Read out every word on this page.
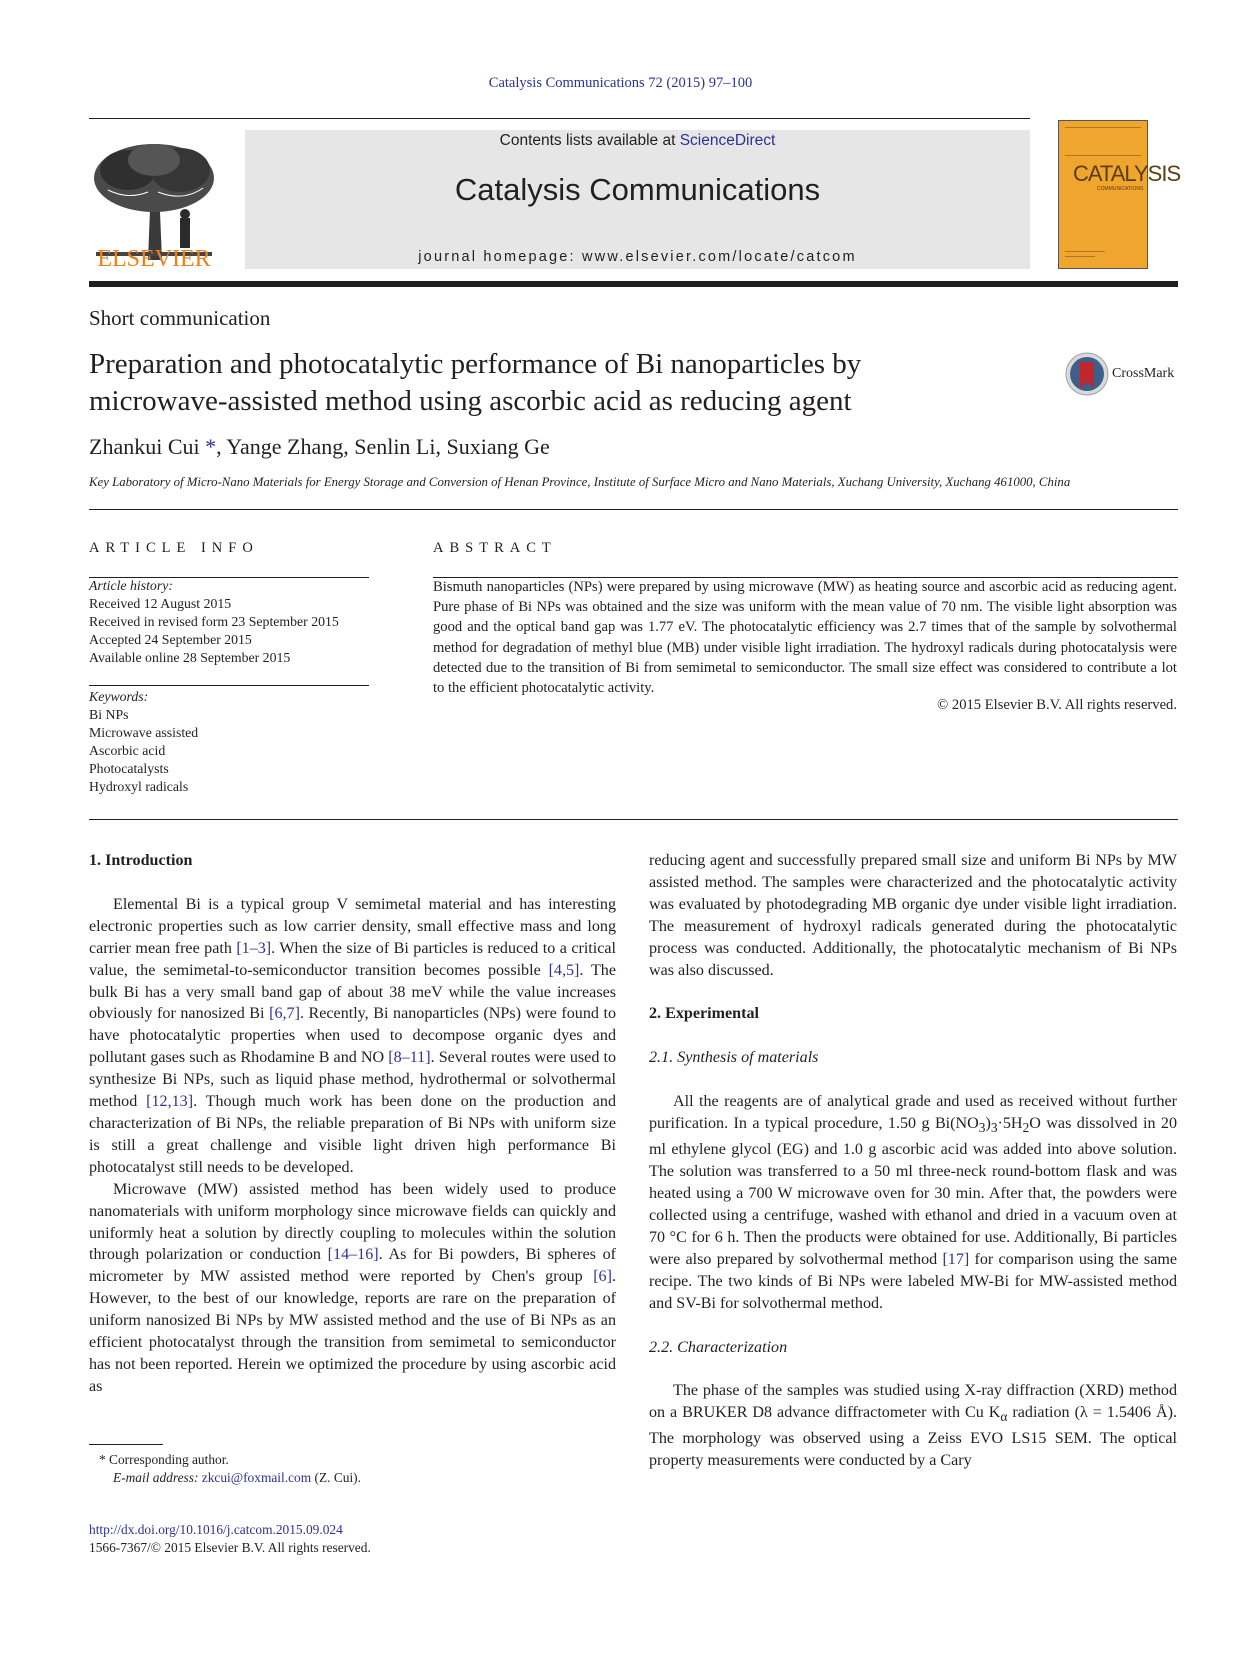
Catalysis Communications 72 (2015) 97–100
ELSEVIER
Contents lists available at ScienceDirect
Catalysis Communications
journal homepage: www.elsevier.com/locate/catcom
CATALYSIS
COMMUNICATIONS
Short communication
Preparation and photocatalytic performance of Bi nanoparticles by
microwave-assisted method using ascorbic acid as reducing agent
CrossMark
Zhankui Cui *, Yange Zhang, Senlin Li, Suxiang Ge
Key Laboratory of Micro-Nano Materials for Energy Storage and Conversion of Henan Province, Institute of Surface Micro and Nano Materials, Xuchang University, Xuchang 461000, China
ARTICLE INFO
Article history:
Received 12 August 2015
Received in revised form 23 September 2015
Accepted 24 September 2015
Available online 28 September 2015
Keywords:
Bi NPs
Microwave assisted
Ascorbic acid
Photocatalysts
Hydroxyl radicals
ABSTRACT
Bismuth nanoparticles (NPs) were prepared by using microwave (MW) as heating source and ascorbic acid as reducing agent. Pure phase of Bi NPs was obtained and the size was uniform with the mean value of 70 nm. The visible light absorption was good and the optical band gap was 1.77 eV. The photocatalytic efficiency was 2.7 times that of the sample by solvothermal method for degradation of methyl blue (MB) under visible light irradiation. The hydroxyl radicals during photocatalysis were detected due to the transition of Bi from semimetal to semiconductor. The small size effect was considered to contribute a lot to the efficient photocatalytic activity.
© 2015 Elsevier B.V. All rights reserved.

1. Introduction

Elemental Bi is a typical group V semimetal material and has interesting electronic properties such as low carrier density, small effective mass and long carrier mean free path [1–3]. When the size of Bi particles is reduced to a critical value, the semimetal-to-semiconductor transition becomes possible [4,5]. The bulk Bi has a very small band gap of about 38 meV while the value increases obviously for nanosized Bi [6,7]. Recently, Bi nanoparticles (NPs) were found to have photocatalytic properties when used to decompose organic dyes and pollutant gases such as Rhodamine B and NO [8–11]. Several routes were used to synthesize Bi NPs, such as liquid phase method, hydrothermal or solvothermal method [12,13]. Though much work has been done on the production and characterization of Bi NPs, the reliable preparation of Bi NPs with uniform size is still a great challenge and visible light driven high performance Bi photocatalyst still needs to be developed.

Microwave (MW) assisted method has been widely used to produce nanomaterials with uniform morphology since microwave fields can quickly and uniformly heat a solution by directly coupling to molecules within the solution through polarization or conduction [14–16]. As for Bi powders, Bi spheres of micrometer by MW assisted method were reported by Chen's group [6]. However, to the best of our knowledge, reports are rare on the preparation of uniform nanosized Bi NPs by MW assisted method and the use of Bi NPs as an efficient photocatalyst through the transition from semimetal to semiconductor has not been reported. Herein we optimized the procedure by using ascorbic acid as

reducing agent and successfully prepared small size and uniform Bi NPs by MW assisted method. The samples were characterized and the photocatalytic activity was evaluated by photodegrading MB organic dye under visible light irradiation. The measurement of hydroxyl radicals generated during the photocatalytic process was conducted. Additionally, the photocatalytic mechanism of Bi NPs was also discussed.

2. Experimental

2.1. Synthesis of materials

All the reagents are of analytical grade and used as received without further purification. In a typical procedure, 1.50 g $Bi(NO_3)_3\cdot 5H_2O$ was dissolved in 20 ml ethylene glycol (EG) and 1.0 g ascorbic acid was added into above solution. The solution was transferred to a 50 ml three-neck round-bottom flask and was heated using a 700 W microwave oven for 30 min. After that, the powders were collected using a centrifuge, washed with ethanol and dried in a vacuum oven at 70 °C for 6 h. Then the products were obtained for use. Additionally, Bi particles were also prepared by solvothermal method [17] for comparison using the same recipe. The two kinds of Bi NPs were labeled MW-Bi for MW-assisted method and SV-Bi for solvothermal method.

2.2. Characterization

The phase of the samples was studied using X-ray diffraction (XRD) method on a BRUKER D8 advance diffractometer with Cu $K_\alpha$ radiation (λ = 1.5406 Å). The morphology was observed using a Zeiss EVO LS15 SEM. The optical property measurements were conducted by a Cary

* Corresponding author.
E-mail address: zkcui@foxmail.com (Z. Cui).
http://dx.doi.org/10.1016/j.catcom.2015.09.024
1566-7367/© 2015 Elsevier B.V. All rights reserved.
